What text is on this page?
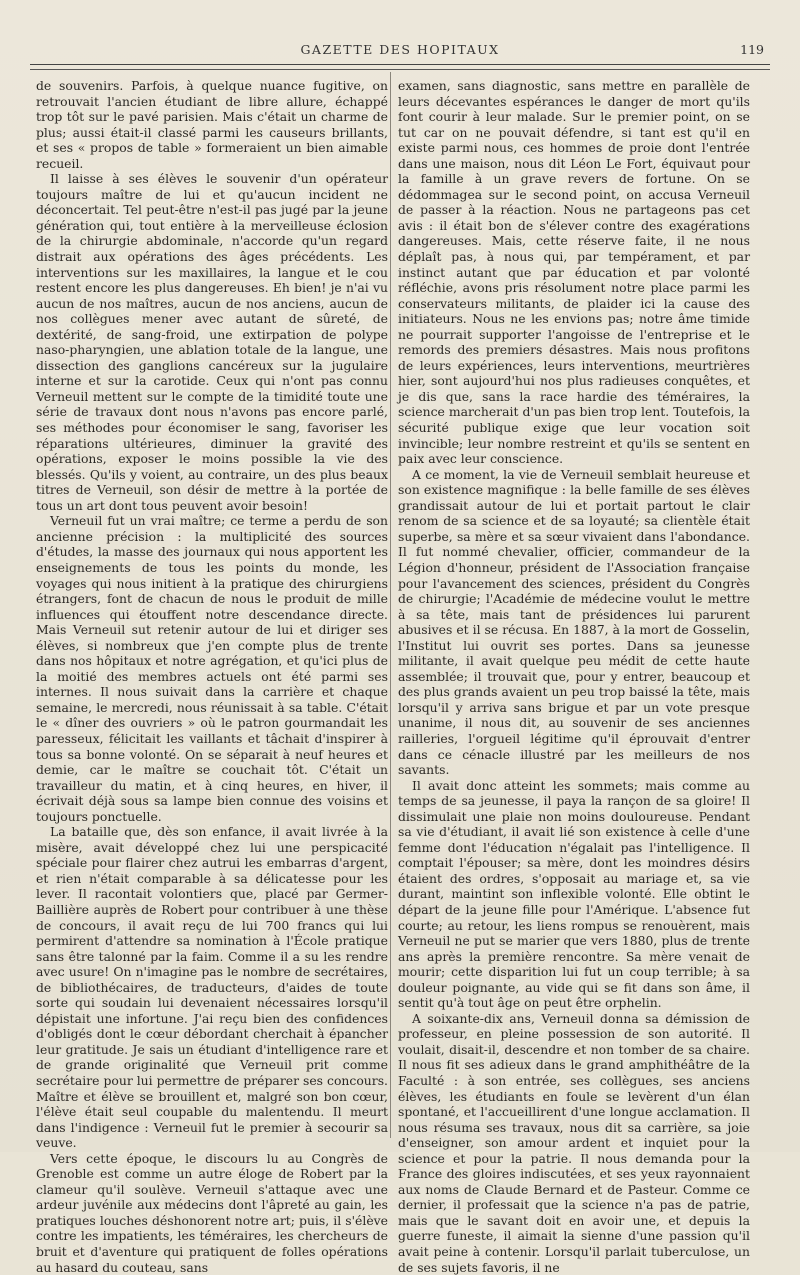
GAZETTE DES HOPITAUX	119

de souvenirs. Parfois, à quelque nuance fugitive, on retrouvait l'ancien étudiant de libre allure, échappé trop tôt sur le pavé parisien. Mais c'était un charme de plus; aussi était-il classé parmi les causeurs brillants, et ses « propos de table » formeraient un bien aimable recueil.

Il laisse à ses élèves le souvenir d'un opérateur toujours maître de lui et qu'aucun incident ne déconcertait. Tel peut-être n'est-il pas jugé par la jeune génération qui, tout entière à la merveilleuse éclosion de la chirurgie abdominale, n'accorde qu'un regard distrait aux opérations des âges précédents. Les interventions sur les maxillaires, la langue et le cou restent encore les plus dangereuses. Eh bien! je n'ai vu aucun de nos maîtres, aucun de nos anciens, aucun de nos collègues mener avec autant de sûreté, de dextérité, de sang-froid, une extirpation de polype naso-pharyngien, une ablation totale de la langue, une dissection des ganglions cancéreux sur la jugulaire interne et sur la carotide. Ceux qui n'ont pas connu Verneuil mettent sur le compte de la timidité toute une série de travaux dont nous n'avons pas encore parlé, ses méthodes pour économiser le sang, favoriser les réparations ultérieures, diminuer la gravité des opérations, exposer le moins possible la vie des blessés. Qu'ils y voient, au contraire, un des plus beaux titres de Verneuil, son désir de mettre à la portée de tous un art dont tous peuvent avoir besoin!

Verneuil fut un vrai maître; ce terme a perdu de son ancienne précision : la multiplicité des sources d'études, la masse des journaux qui nous apportent les enseignements de tous les points du monde, les voyages qui nous initient à la pratique des chirurgiens étrangers, font de chacun de nous le produit de mille influences qui étouffent notre descendance directe. Mais Verneuil sut retenir autour de lui et diriger ses élèves, si nombreux que j'en compte plus de trente dans nos hôpitaux et notre agrégation, et qu'ici plus de la moitié des membres actuels ont été parmi ses internes. Il nous suivait dans la carrière et chaque semaine, le mercredi, nous réunissait à sa table. C'était le « dîner des ouvriers » où le patron gourmandait les paresseux, félicitait les vaillants et tâchait d'inspirer à tous sa bonne volonté. On se séparait à neuf heures et demie, car le maître se couchait tôt. C'était un travailleur du matin, et à cinq heures, en hiver, il écrivait déjà sous sa lampe bien connue des voisins et toujours ponctuelle.

La bataille que, dès son enfance, il avait livrée à la misère, avait développé chez lui une perspicacité spéciale pour flairer chez autrui les embarras d'argent, et rien n'était comparable à sa délicatesse pour les lever. Il racontait volontiers que, placé par Germer-Baillière auprès de Robert pour contribuer à une thèse de concours, il avait reçu de lui 700 francs qui lui permirent d'attendre sa nomination à l'École pratique sans être talonné par la faim. Comme il a su les rendre avec usure! On n'imagine pas le nombre de secrétaires, de bibliothécaires, de traducteurs, d'aides de toute sorte qui soudain lui devenaient nécessaires lorsqu'il dépistait une infortune. J'ai reçu bien des confidences d'obligés dont le cœur débordant cherchait à épancher leur gratitude. Je sais un étudiant d'intelligence rare et de grande originalité que Verneuil prit comme secrétaire pour lui permettre de préparer ses concours. Maître et élève se brouillent et, malgré son bon cœur, l'élève était seul coupable du malentendu. Il meurt dans l'indigence : Verneuil fut le premier à secourir sa veuve.

Vers cette époque, le discours lu au Congrès de Grenoble est comme un autre éloge de Robert par la clameur qu'il soulève. Verneuil s'attaque avec une ardeur juvénile aux médecins dont l'âpreté au gain, les pratiques louches déshonorent notre art; puis, il s'élève contre les impatients, les téméraires, les chercheurs de bruit et d'aventure qui pratiquent de folles opérations au hasard du couteau, sans

examen, sans diagnostic, sans mettre en parallèle de leurs décevantes espérances le danger de mort qu'ils font courir à leur malade. Sur le premier point, on se tut car on ne pouvait défendre, si tant est qu'il en existe parmi nous, ces hommes de proie dont l'entrée dans une maison, nous dit Léon Le Fort, équivaut pour la famille à un grave revers de fortune. On se dédommagea sur le second point, on accusa Verneuil de passer à la réaction. Nous ne partageons pas cet avis : il était bon de s'élever contre des exagérations dangereuses. Mais, cette réserve faite, il ne nous déplaît pas, à nous qui, par tempérament, et par instinct autant que par éducation et par volonté réfléchie, avons pris résolument notre place parmi les conservateurs militants, de plaider ici la cause des initiateurs. Nous ne les envions pas; notre âme timide ne pourrait supporter l'angoisse de l'entreprise et le remords des premiers désastres. Mais nous profitons de leurs expériences, leurs interventions, meurtrières hier, sont aujourd'hui nos plus radieuses conquêtes, et je dis que, sans la race hardie des téméraires, la science marcherait d'un pas bien trop lent. Toutefois, la sécurité publique exige que leur vocation soit invincible; leur nombre restreint et qu'ils se sentent en paix avec leur conscience.

A ce moment, la vie de Verneuil semblait heureuse et son existence magnifique : la belle famille de ses élèves grandissait autour de lui et portait partout le clair renom de sa science et de sa loyauté; sa clientèle était superbe, sa mère et sa sœur vivaient dans l'abondance. Il fut nommé chevalier, officier, commandeur de la Légion d'honneur, président de l'Association française pour l'avancement des sciences, président du Congrès de chirurgie; l'Académie de médecine voulut le mettre à sa tête, mais tant de présidences lui parurent abusives et il se récusa. En 1887, à la mort de Gosselin, l'Institut lui ouvrit ses portes. Dans sa jeunesse militante, il avait quelque peu médit de cette haute assemblée; il trouvait que, pour y entrer, beaucoup et des plus grands avaient un peu trop baissé la tête, mais lorsqu'il y arriva sans brigue et par un vote presque unanime, il nous dit, au souvenir de ses anciennes railleries, l'orgueil légitime qu'il éprouvait d'entrer dans ce cénacle illustré par les meilleurs de nos savants.

Il avait donc atteint les sommets; mais comme au temps de sa jeunesse, il paya la rançon de sa gloire! Il dissimulait une plaie non moins douloureuse. Pendant sa vie d'étudiant, il avait lié son existence à celle d'une femme dont l'éducation n'égalait pas l'intelligence. Il comptait l'épouser; sa mère, dont les moindres désirs étaient des ordres, s'opposait au mariage et, sa vie durant, maintint son inflexible volonté. Elle obtint le départ de la jeune fille pour l'Amérique. L'absence fut courte; au retour, les liens rompus se renouèrent, mais Verneuil ne put se marier que vers 1880, plus de trente ans après la première rencontre. Sa mère venait de mourir; cette disparition lui fut un coup terrible; à sa douleur poignante, au vide qui se fit dans son âme, il sentit qu'à tout âge on peut être orphelin.

A soixante-dix ans, Verneuil donna sa démission de professeur, en pleine possession de son autorité. Il voulait, disait-il, descendre et non tomber de sa chaire. Il nous fit ses adieux dans le grand amphithéâtre de la Faculté : à son entrée, ses collègues, ses anciens élèves, les étudiants en foule se levèrent d'un élan spontané, et l'accueillirent d'une longue acclamation. Il nous résuma ses travaux, nous dit sa carrière, sa joie d'enseigner, son amour ardent et inquiet pour la science et pour la patrie. Il nous demanda pour la France des gloires indiscutées, et ses yeux rayonnaient aux noms de Claude Bernard et de Pasteur. Comme ce dernier, il professait que la science n'a pas de patrie, mais que le savant doit en avoir une, et depuis la guerre funeste, il aimait la sienne d'une passion qu'il avait peine à contenir. Lorsqu'il parlait tuberculose, un de ses sujets favoris, il ne
